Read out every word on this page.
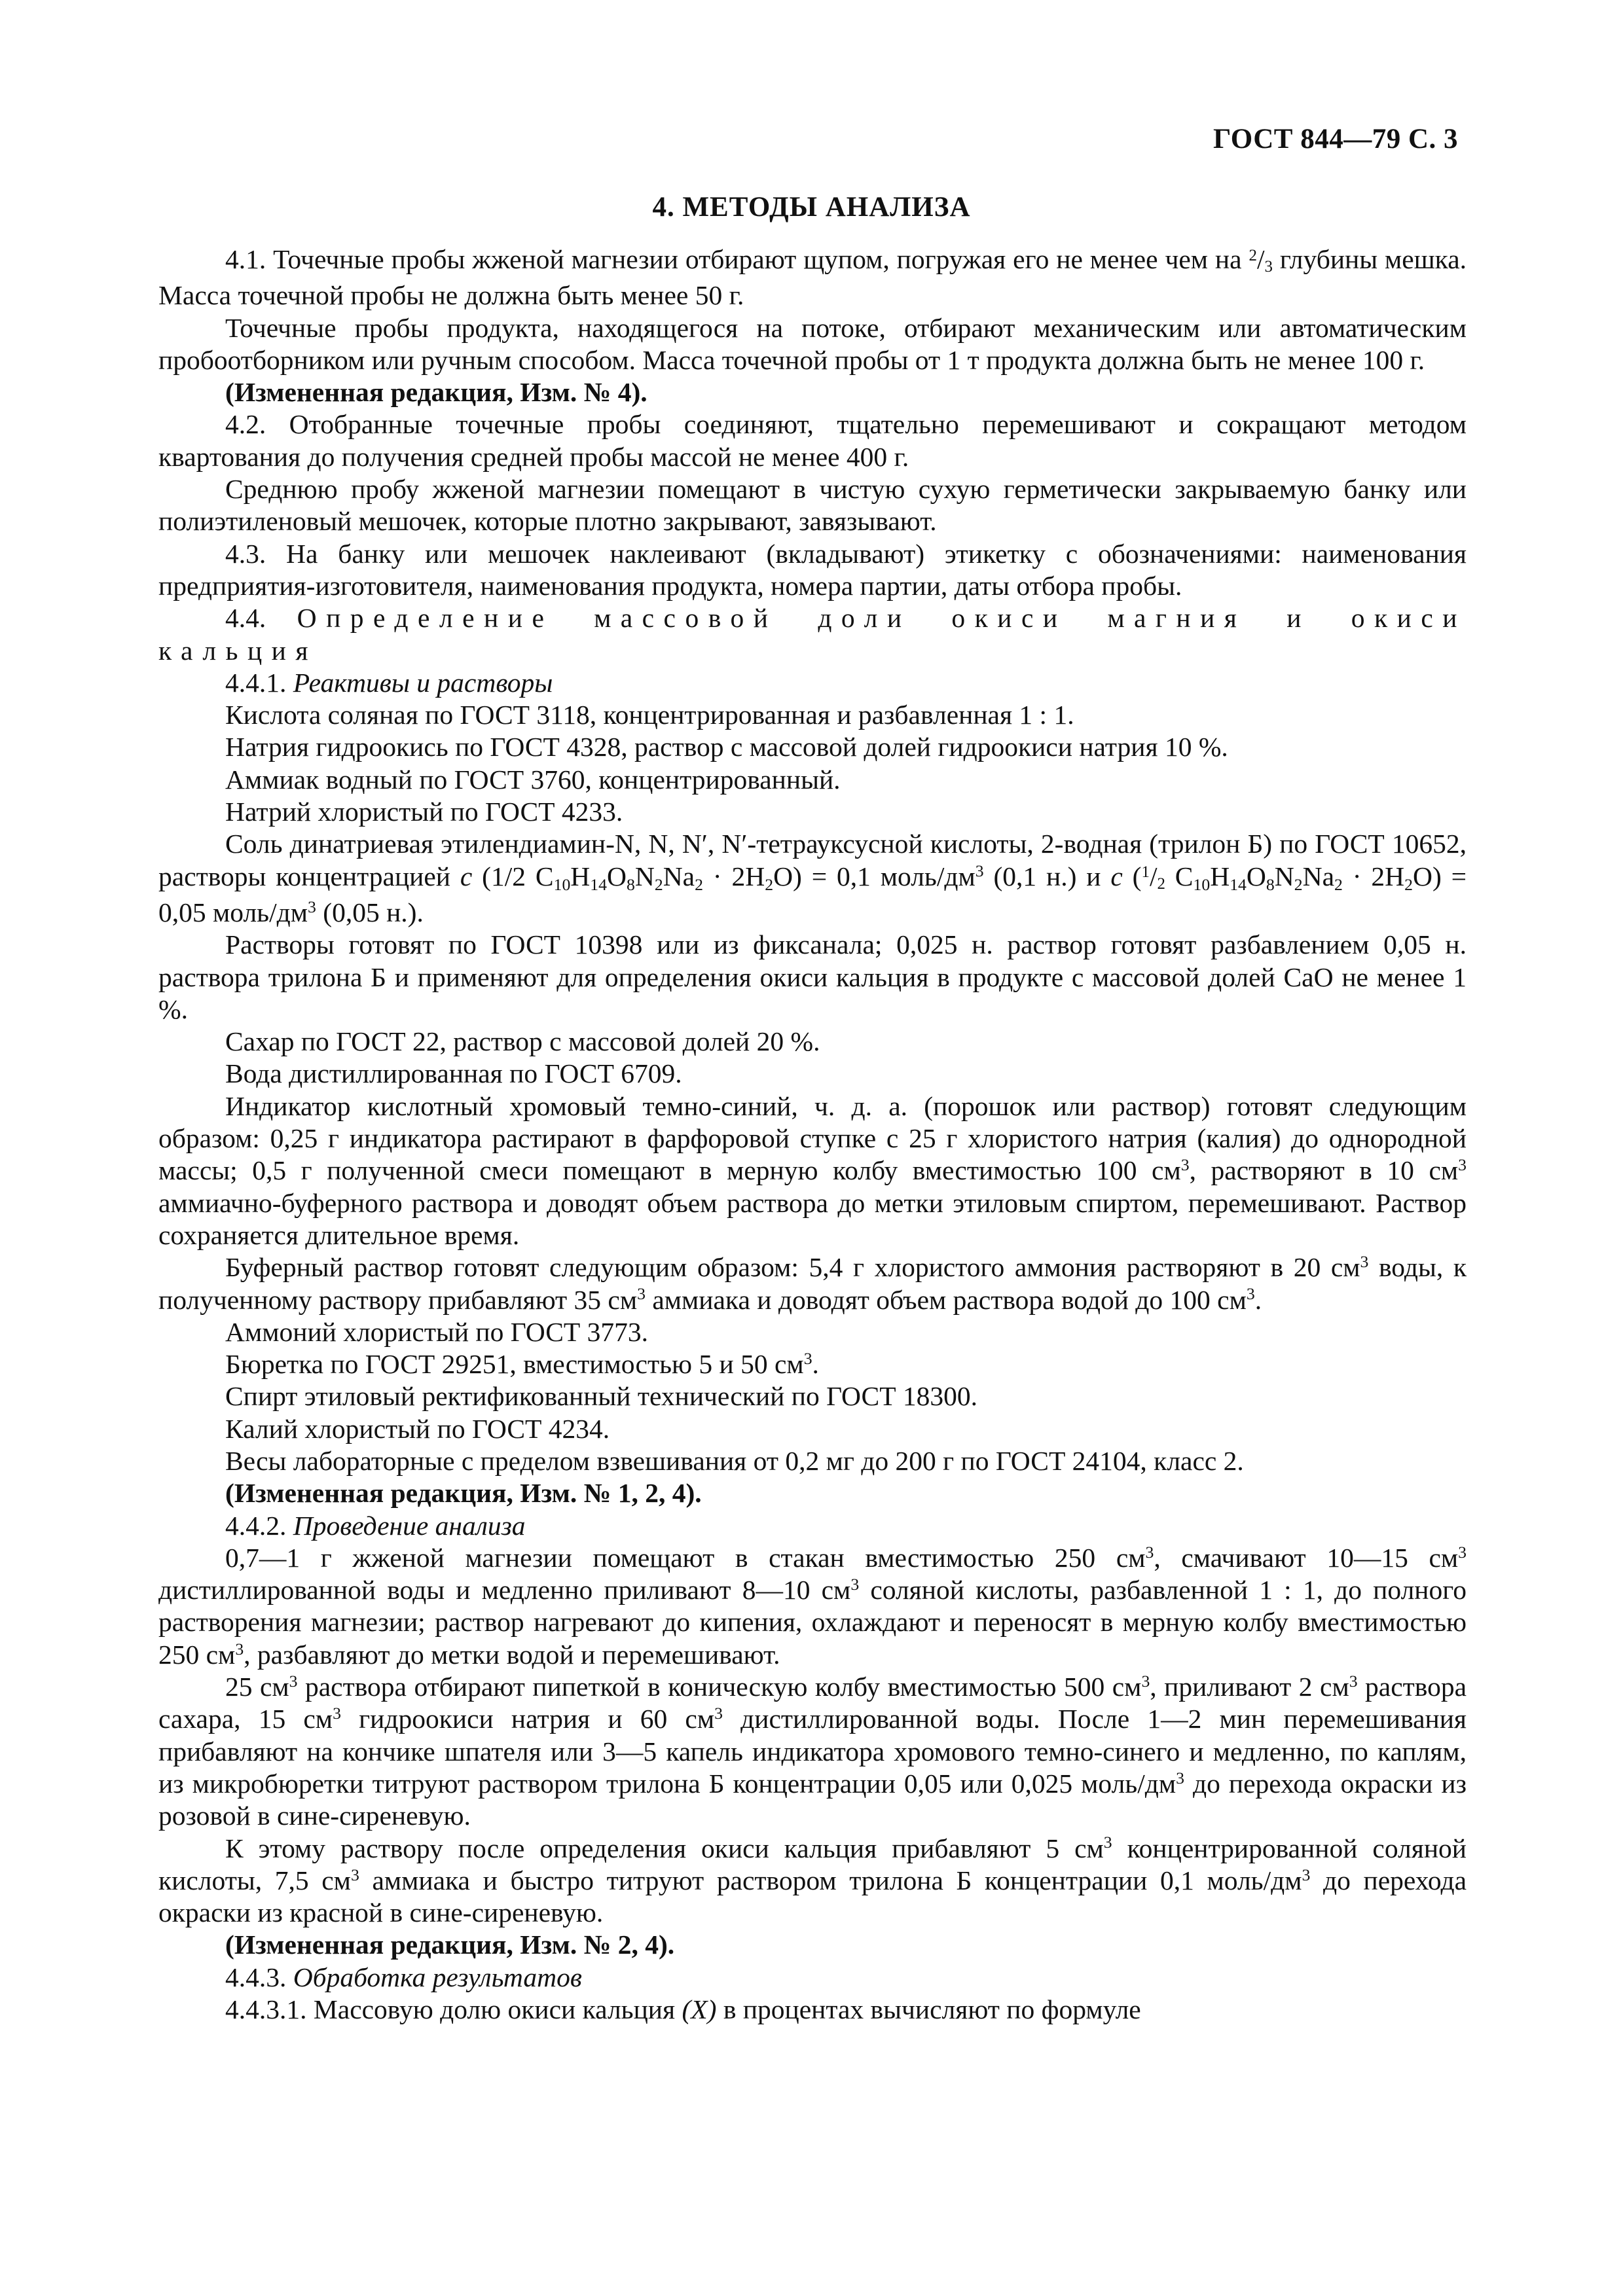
ГОСТ 844—79 С. 3
4. МЕТОДЫ АНАЛИЗА

4.1. Точечные пробы жженой магнезии отбирают щупом, погружая его не менее чем на $^2$/3 глубины мешка. Масса точечной пробы не должна быть менее 50 г.

Точечные пробы продукта, находящегося на потоке, отбирают механическим или автоматическим пробоотборником или ручным способом. Масса точечной пробы от 1 т продукта должна быть не менее 100 г.

(Измененная редакция, Изм. № 4).

4.2. Отобранные точечные пробы соединяют, тщательно перемешивают и сокращают методом квартования до получения средней пробы массой не менее 400 г.

Среднюю пробу жженой магнезии помещают в чистую сухую герметически закрываемую банку или полиэтиленовый мешочек, которые плотно закрывают, завязывают.

4.3. На банку или мешочек наклеивают (вкладывают) этикетку с обозначениями: наименования предприятия-изготовителя, наименования продукта, номера партии, даты отбора пробы.

4.4. Определение массовой доли окиси магния и окиси кальция

4.4.1. Реактивы и растворы

Кислота соляная по ГОСТ 3118, концентрированная и разбавленная 1 : 1.

Натрия гидроокись по ГОСТ 4328, раствор с массовой долей гидроокиси натрия 10 %.

Аммиак водный по ГОСТ 3760, концентрированный.

Натрий хлористый по ГОСТ 4233.

Соль динатриевая этилендиамин-N, N, N′, N′-тетрауксусной кислоты, 2-водная (трилон Б) по ГОСТ 10652, растворы концентрацией c (1/2 $C_{10}H_{14}O_8N_2Na_2 \cdot 2H_2O) = 0,1$ моль/$дм^3$ (0,1 н.) и c ($^1$/2 $C_{10}H_{14}O_8N_2Na_2 \cdot 2H_2O) = 0,05$ моль/$дм^3$ (0,05 н.).

Растворы готовят по ГОСТ 10398 или из фиксанала; 0,025 н. раствор готовят разбавлением 0,05 н. раствора трилона Б и применяют для определения окиси кальция в продукте с массовой долей CaO не менее 1 %.

Сахар по ГОСТ 22, раствор с массовой долей 20 %.

Вода дистиллированная по ГОСТ 6709.

Индикатор кислотный хромовый темно-синий, ч. д. а. (порошок или раствор) готовят следующим образом: 0,25 г индикатора растирают в фарфоровой ступке с 25 г хлористого натрия (калия) до однородной массы; 0,5 г полученной смеси помещают в мерную колбу вместимостью 100 $см^3$, растворяют в 10 $см^3$ аммиачно-буферного раствора и доводят объем раствора до метки этиловым спиртом, перемешивают. Раствор сохраняется длительное время.

Буферный раствор готовят следующим образом: 5,4 г хлористого аммония растворяют в 20 $см^3$ воды, к полученному раствору прибавляют 35 $см^3$ аммиака и доводят объем раствора водой до 100 $см^3$.

Аммоний хлористый по ГОСТ 3773.

Бюретка по ГОСТ 29251, вместимостью 5 и 50 $см^3$.

Спирт этиловый ректификованный технический по ГОСТ 18300.

Калий хлористый по ГОСТ 4234.

Весы лабораторные с пределом взвешивания от 0,2 мг до 200 г по ГОСТ 24104, класс 2.

(Измененная редакция, Изм. № 1, 2, 4).

4.4.2. Проведение анализа

0,7—1 г жженой магнезии помещают в стакан вместимостью 250 $см^3$, смачивают 10—15 $см^3$ дистиллированной воды и медленно приливают 8—10 $см^3$ соляной кислоты, разбавленной 1 : 1, до полного растворения магнезии; раствор нагревают до кипения, охлаждают и переносят в мерную колбу вместимостью 250 $см^3$, разбавляют до метки водой и перемешивают.

25 $см^3$ раствора отбирают пипеткой в коническую колбу вместимостью 500 $см^3$, приливают 2 $см^3$ раствора сахара, 15 $см^3$ гидроокиси натрия и 60 $см^3$ дистиллированной воды. После 1—2 мин перемешивания прибавляют на кончике шпателя или 3—5 капель индикатора хромового темно-синего и медленно, по каплям, из микробюретки титруют раствором трилона Б концентрации 0,05 или 0,025 моль/$дм^3$ до перехода окраски из розовой в сине-сиреневую.

К этому раствору после определения окиси кальция прибавляют 5 $см^3$ концентрированной соляной кислоты, 7,5 $см^3$ аммиака и быстро титруют раствором трилона Б концентрации 0,1 моль/$дм^3$ до перехода окраски из красной в сине-сиреневую.

(Измененная редакция, Изм. № 2, 4).

4.4.3. Обработка результатов

4.4.3.1. Массовую долю окиси кальция (X) в процентах вычисляют по формуле
